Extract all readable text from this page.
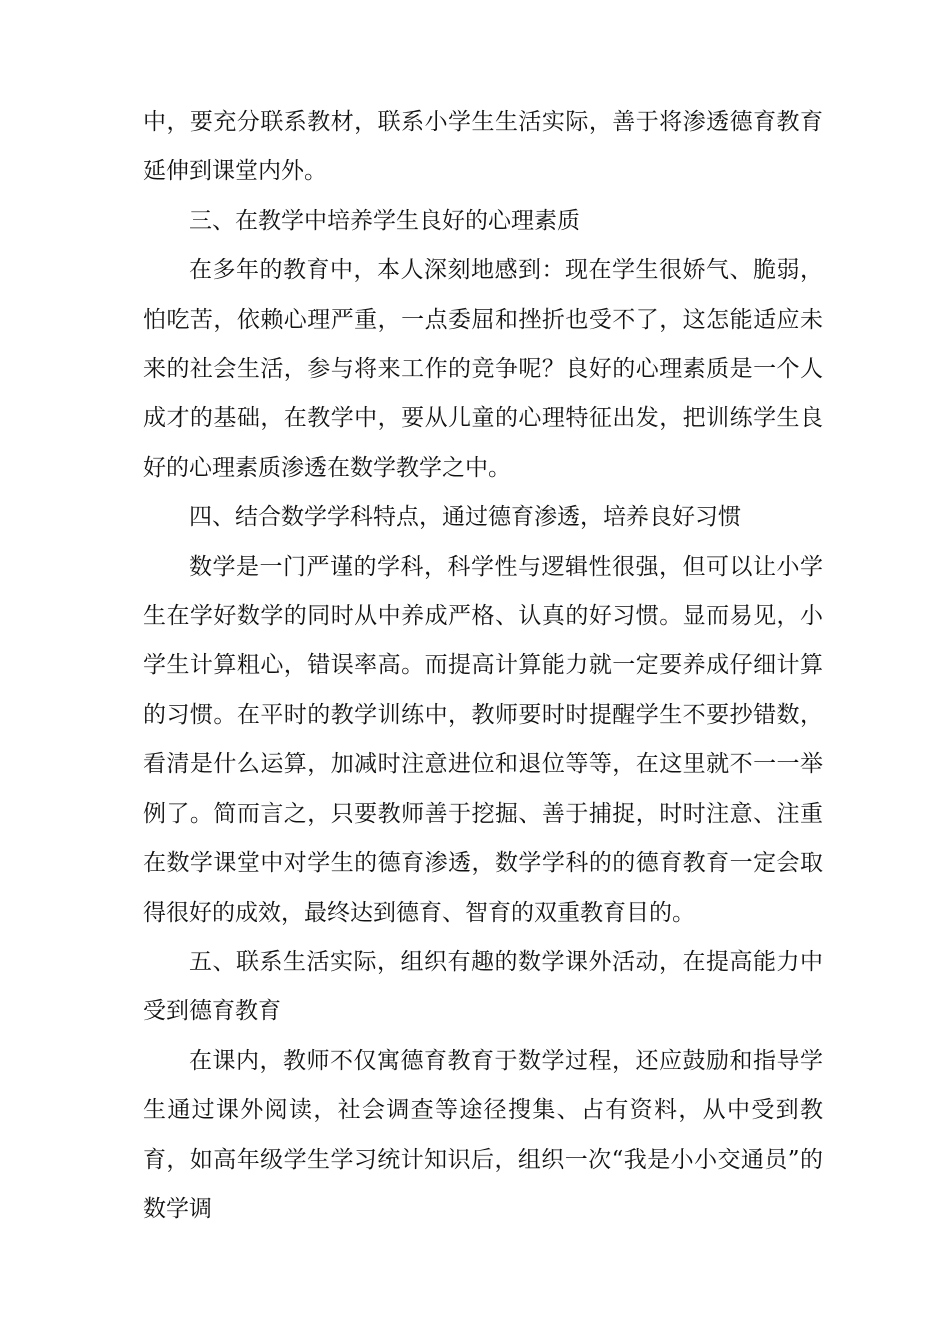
中，要充分联系教材，联系小学生生活实际，善于将渗透德育教育延伸到课堂内外。

三、在教学中培养学生良好的心理素质

在多年的教育中，本人深刻地感到：现在学生很娇气、脆弱，怕吃苦，依赖心理严重，一点委屈和挫折也受不了，这怎能适应未来的社会生活，参与将来工作的竞争呢？良好的心理素质是一个人成才的基础，在教学中，要从儿童的心理特征出发，把训练学生良好的心理素质渗透在数学教学之中。

四、结合数学学科特点，通过德育渗透，培养良好习惯

数学是一门严谨的学科，科学性与逻辑性很强，但可以让小学生在学好数学的同时从中养成严格、认真的好习惯。显而易见，小学生计算粗心，错误率高。而提高计算能力就一定要养成仔细计算的习惯。在平时的教学训练中，教师要时时提醒学生不要抄错数，看清是什么运算，加减时注意进位和退位等等，在这里就不一一举例了。简而言之，只要教师善于挖掘、善于捕捉，时时注意、注重在数学课堂中对学生的德育渗透，数学学科的的德育教育一定会取得很好的成效，最终达到德育、智育的双重教育目的。

五、联系生活实际，组织有趣的数学课外活动，在提高能力中受到德育教育

在课内，教师不仅寓德育教育于数学过程，还应鼓励和指导学生通过课外阅读，社会调查等途径搜集、占有资料，从中受到教育，如高年级学生学习统计知识后，组织一次“我是小小交通员”的数学调
